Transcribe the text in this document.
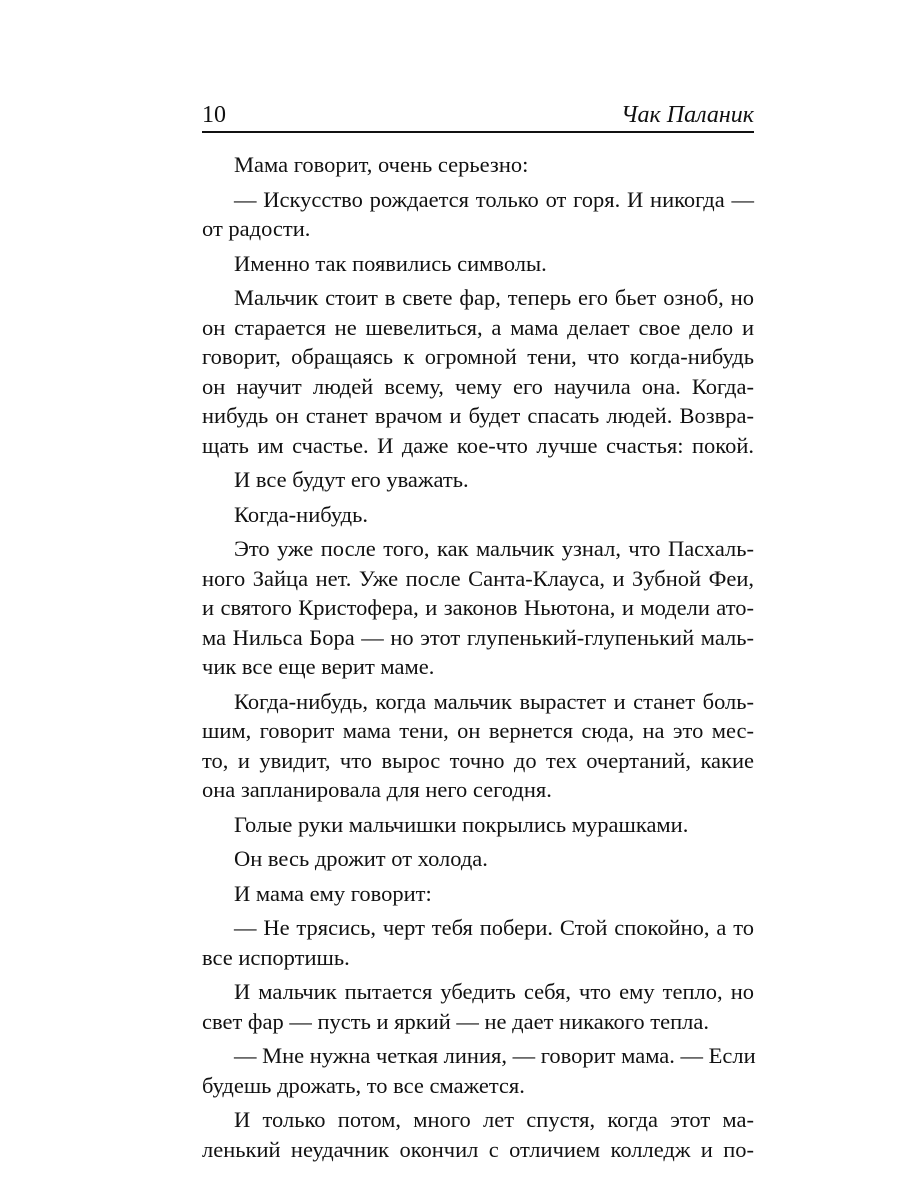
10	Чак Паланик
Мама говорит, очень серьезно:
— Искусство рождается только от горя. И никогда —
от радости.
Именно так появились символы.
Мальчик стоит в свете фар, теперь его бьет озноб, но
он старается не шевелиться, а мама делает свое дело и
говорит, обращаясь к огромной тени, что когда-нибудь
он научит людей всему, чему его научила она. Когда-
нибудь он станет врачом и будет спасать людей. Возвра-
щать им счастье. И даже кое-что лучше счастья: покой.
И все будут его уважать.
Когда-нибудь.
Это уже после того, как мальчик узнал, что Пасхаль-
ного Зайца нет. Уже после Санта-Клауса, и Зубной Феи,
и святого Кристофера, и законов Ньютона, и модели ато-
ма Нильса Бора — но этот глупенький-глупенький маль-
чик все еще верит маме.
Когда-нибудь, когда мальчик вырастет и станет боль-
шим, говорит мама тени, он вернется сюда, на это мес-
то, и увидит, что вырос точно до тех очертаний, какие
она запланировала для него сегодня.
Голые руки мальчишки покрылись мурашками.
Он весь дрожит от холода.
И мама ему говорит:
— Не трясись, черт тебя побери. Стой спокойно, а то
все испортишь.
И мальчик пытается убедить себя, что ему тепло, но
свет фар — пусть и яркий — не дает никакого тепла.
— Мне нужна четкая линия, — говорит мама. — Если
будешь дрожать, то все смажется.
И только потом, много лет спустя, когда этот ма-
ленький неудачник окончил с отличием колледж и по-
